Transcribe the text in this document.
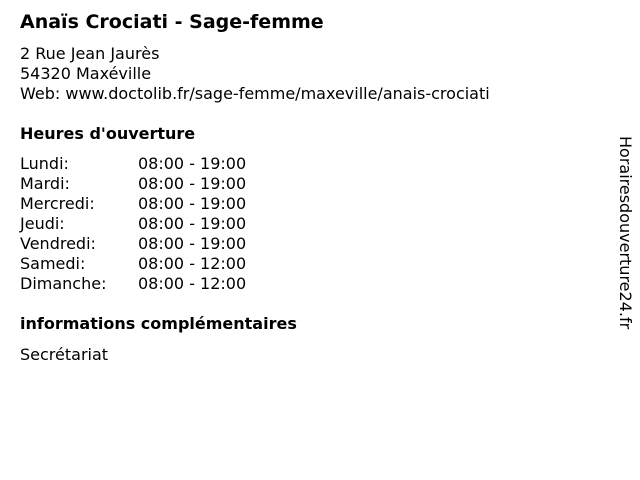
Anaïs Crociati - Sage-femme
2 Rue Jean Jaurès
54320 Maxéville
Web: www.doctolib.fr/sage-femme/maxeville/anais-crociati
Heures d'ouverture
Lundi:	08:00 - 19:00
Mardi:	08:00 - 19:00
Mercredi:	08:00 - 19:00
Jeudi:	08:00 - 19:00
Vendredi:	08:00 - 19:00
Samedi:	08:00 - 12:00
Dimanche:	08:00 - 12:00
informations complémentaires
Secrétariat
Horairesdouverture24.fr
